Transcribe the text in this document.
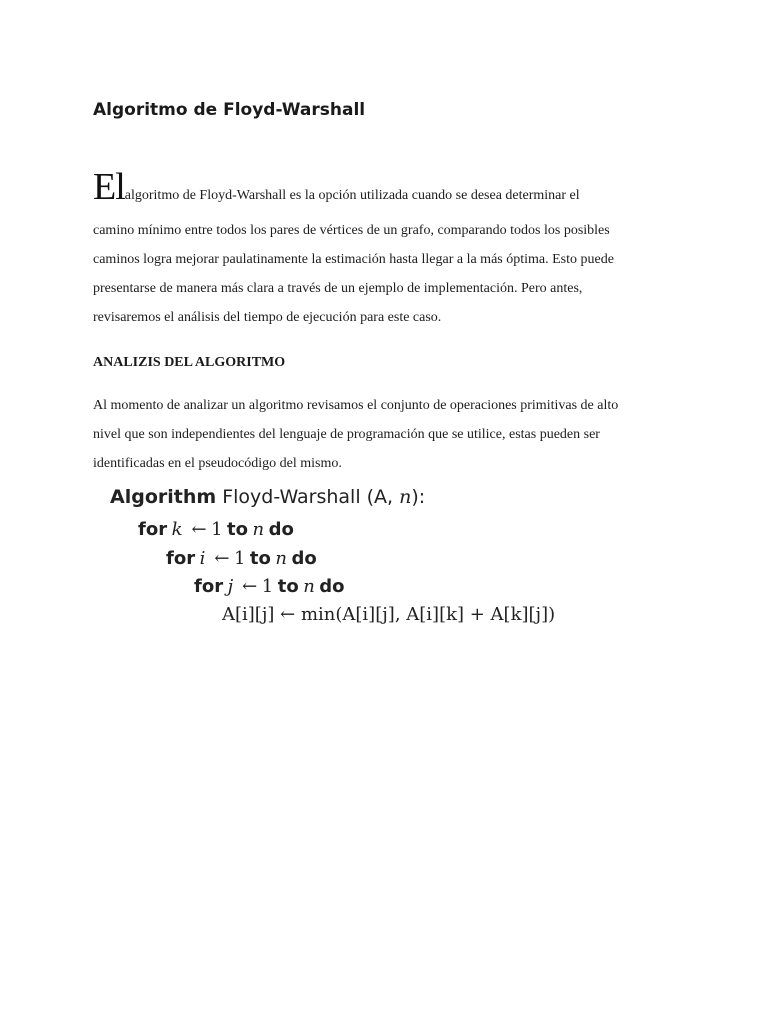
Algoritmo de Floyd-Warshall
Elalgoritmo de Floyd-Warshall es la opción utilizada cuando se desea determinar el
camino mínimo entre todos los pares de vértices de un grafo, comparando todos los posibles
caminos logra mejorar paulatinamente la estimación hasta llegar a la más óptima. Esto puede
presentarse de manera más clara a través de un ejemplo de implementación. Pero antes,
revisaremos el análisis del tiempo de ejecución para este caso.
ANALIZIS DEL ALGORITMO
Al momento de analizar un algoritmo revisamos el conjunto de operaciones primitivas de alto
nivel que son independientes del lenguaje de programación que se utilice, estas pueden ser
identificadas en el pseudocódigo del mismo.
Algorithm Floyd-Warshall (A, n):
for k ← 1 to n do
for i ← 1 to n do
for j ← 1 to n do
A[i][j] ← min(A[i][j], A[i][k] + A[k][j])
